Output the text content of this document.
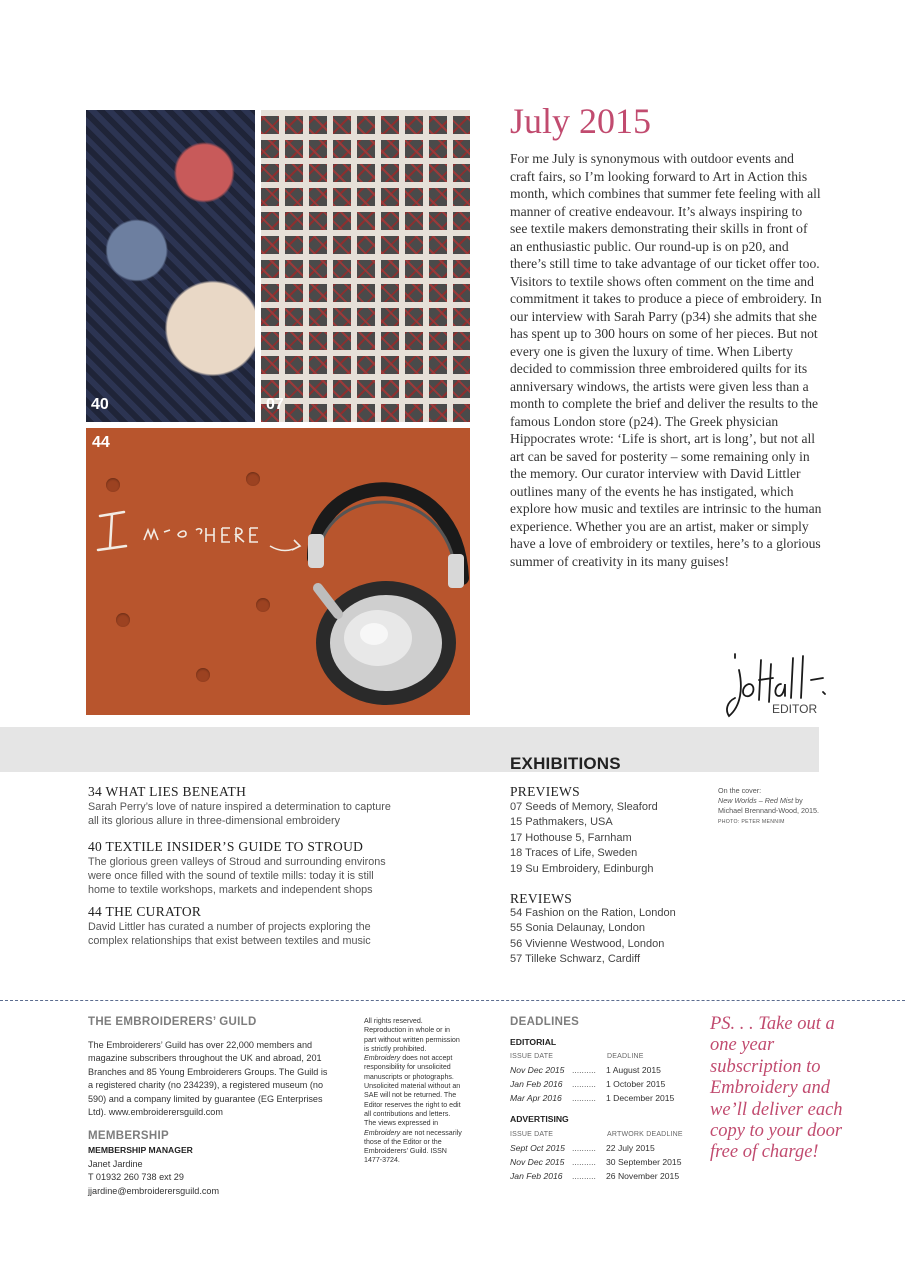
40	07
44
July 2015

For me July is synonymous with outdoor events and craft fairs, so I’m looking forward to Art in Action this month, which combines that summer fete feeling with all manner of creative endeavour. It’s always inspiring to see textile makers demonstrating their skills in front of an enthusiastic public. Our round-up is on p20, and there’s still time to take advantage of our ticket offer too. Visitors to textile shows often comment on the time and commitment it takes to produce a piece of embroidery. In our interview with Sarah Parry (p34) she admits that she has spent up to 300 hours on some of her pieces. But not every one is given the luxury of time. When Liberty decided to commission three embroidered quilts for its anniversary windows, the artists were given less than a month to complete the brief and deliver the results to the famous London store (p24). The Greek physician Hippocrates wrote: ‘Life is short, art is long’, but not all art can be saved for posterity – some remaining only in the memory. Our curator interview with David Littler outlines many of the events he has instigated, which explore how music and textiles are intrinsic to the human experience. Whether you are an artist, maker or simply have a love of embroidery or textiles, here’s to a glorious summer of creativity in its many guises!

EDITOR
EXHIBITIONS
34 WHAT LIES BENEATH
Sarah Perry’s love of nature inspired a determination to capture
all its glorious allure in three-dimensional embroidery
40 TEXTILE INSIDER’S GUIDE TO STROUD
The glorious green valleys of Stroud and surrounding environs
were once filled with the sound of textile mills: today it is still
home to textile workshops, markets and independent shops
44 THE CURATOR
David Littler has curated a number of projects exploring the
complex relationships that exist between textiles and music
PREVIEWS
07 Seeds of Memory, Sleaford
15 Pathmakers, USA
17 Hothouse 5, Farnham
18 Traces of Life, Sweden
19 Su Embroidery, Edinburgh
REVIEWS
54 Fashion on the Ration, London
55 Sonia Delaunay, London
56 Vivienne Westwood, London
57 Tilleke Schwarz, Cardiff
On the cover:
New Worlds – Red Mist by Michael Brennand-Wood, 2015. PHOTO: PETER MENNIM
THE EMBROIDERERS’ GUILD
The Embroiderers’ Guild has over 22,000 members and magazine subscribers throughout the UK and abroad, 201 Branches and 85 Young Embroiderers Groups. The Guild is a registered charity (no 234239), a registered museum (no 590) and a company limited by guarantee (EG Enterprises Ltd). www.embroiderersguild.com
MEMBERSHIP
MEMBERSHIP MANAGER
Janet Jardine
T 01932 260 738 ext 29
jjardine@embroiderersguild.com
All rights reserved. Reproduction in whole or in part without written permission is strictly prohibited. Embroidery does not accept responsibility for unsolicited manuscripts or photographs. Unsolicited material without an SAE will not be returned. The Editor reserves the right to edit all contributions and letters. The views expressed in Embroidery are not necessarily those of the Editor or the Embroiderers’ Guild. ISSN 1477-3724.
DEADLINES
EDITORIAL
ISSUE DATE	DEADLINE
Nov Dec 2015 .......... 1 August 2015
Jan Feb 2016 .......... 1 October 2015
Mar Apr 2016 .......... 1 December 2015
ADVERTISING
ISSUE DATE	ARTWORK DEADLINE
Sept Oct 2015 .......... 22 July 2015
Nov Dec 2015 .......... 30 September 2015
Jan Feb 2016 .......... 26 November 2015
PS. . . Take out a one year subscription to Embroidery and we’ll deliver each copy to your door free of charge!
